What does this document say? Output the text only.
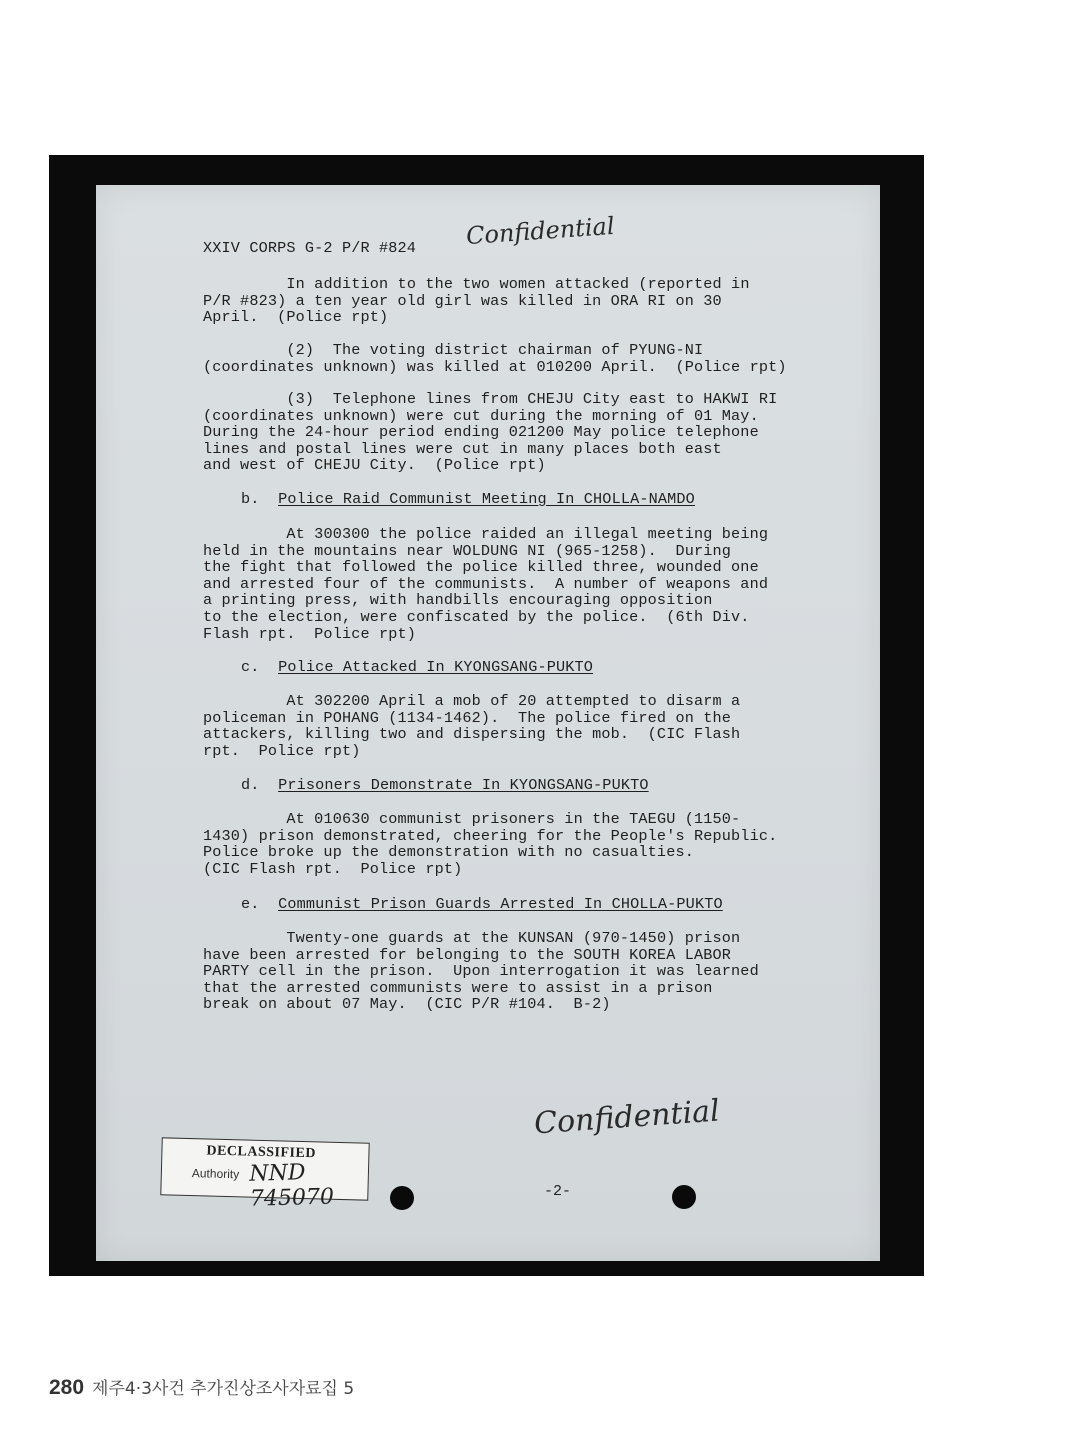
XXIV CORPS G-2 P/R #824	Confidential
In addition to the two women attacked (reported in
P/R #823) a ten year old girl was killed in ORA RI on 30
April.  (Police rpt)
(2)  The voting district chairman of PYUNG-NI
(coordinates unknown) was killed at 010200 April.  (Police rpt)
(3)  Telephone lines from CHEJU City east to HAKWI RI
(coordinates unknown) were cut during the morning of 01 May.
During the 24-hour period ending 021200 May police telephone
lines and postal lines were cut in many places both east
and west of CHEJU City.  (Police rpt)
b. Police Raid Communist Meeting In CHOLLA-NAMDO
At 300300 the police raided an illegal meeting being
held in the mountains near WOLDUNG NI (965-1258).  During
the fight that followed the police killed three, wounded one
and arrested four of the communists.  A number of weapons and
a printing press, with handbills encouraging opposition
to the election, were confiscated by the police.  (6th Div.
Flash rpt.  Police rpt)
c. Police Attacked In KYONGSANG-PUKTO
At 302200 April a mob of 20 attempted to disarm a
policeman in POHANG (1134-1462).  The police fired on the
attackers, killing two and dispersing the mob.  (CIC Flash
rpt.  Police rpt)
d. Prisoners Demonstrate In KYONGSANG-PUKTO
At 010630 communist prisoners in the TAEGU (1150-
1430) prison demonstrated, cheering for the People's Republic.
Police broke up the demonstration with no casualties.
(CIC Flash rpt.  Police rpt)
e. Communist Prison Guards Arrested In CHOLLA-PUKTO
Twenty-one guards at the KUNSAN (970-1450) prison
have been arrested for belonging to the SOUTH KOREA LABOR
PARTY cell in the prison.  Upon interrogation it was learned
that the arrested communists were to assist in a prison
break on about 07 May.  (CIC P/R #104.  B-2)
Confidential
DECLASSIFIED
Authority NND 745070	-2-
280 제주4·3사건 추가진상조사자료집 5
